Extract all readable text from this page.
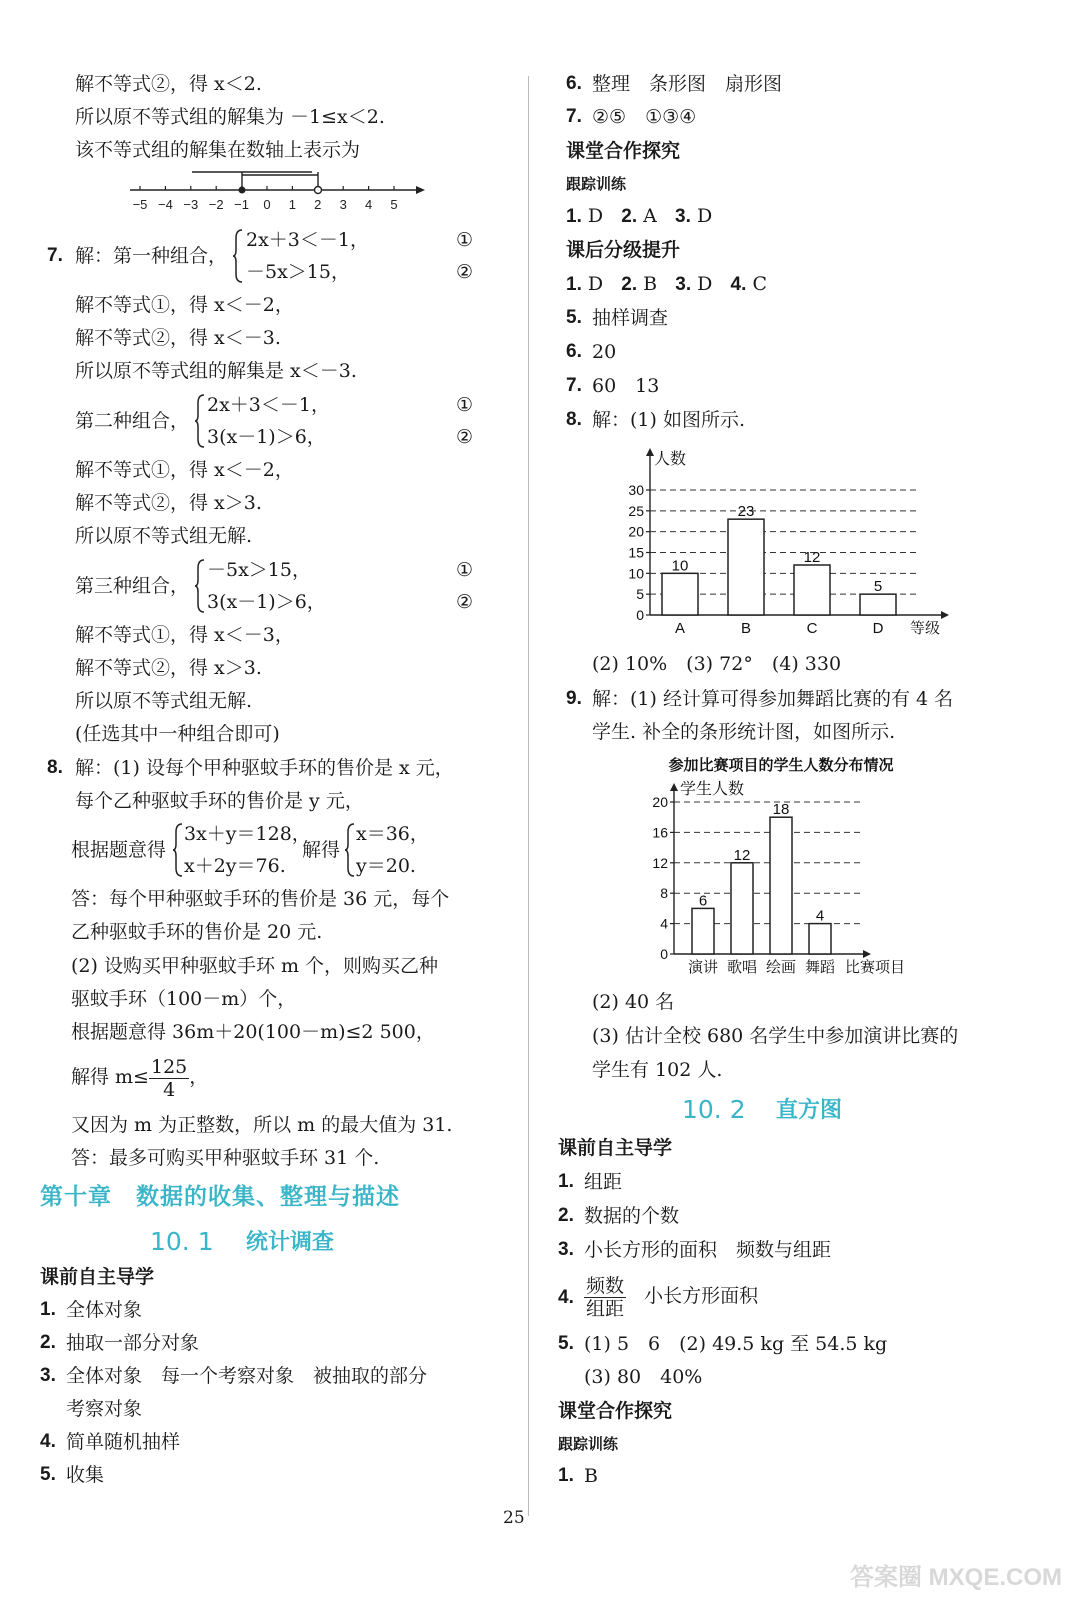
解不等式②，得 x＜2.
所以原不等式组的解集为 －1≤x＜2.
该不等式组的解集在数轴上表示为
−5 −4 −3 −2 −1 0 1 2 3 4 5
7. 解：第一种组合，
2x＋3＜－1，
－5x＞15，
①
②
解不等式①，得 x＜－2，
解不等式②，得 x＜－3.
所以原不等式组的解集是 x＜－3.
第二种组合，
2x＋3＜－1，
3(x－1)＞6，
①
②
解不等式①，得 x＜－2，
解不等式②，得 x＞3.
所以原不等式组无解.
第三种组合，
－5x＞15，
3(x－1)＞6，
①
②
解不等式①，得 x＜－3，
解不等式②，得 x＞3.
所以原不等式组无解.
(任选其中一种组合即可)
8. 解：(1) 设每个甲种驱蚊手环的售价是 x 元，
每个乙种驱蚊手环的售价是 y 元，
根据题意得
3x＋y＝128，
x＋2y＝76.
解得
x＝36，
y＝20.
答：每个甲种驱蚊手环的售价是 36 元，每个
乙种驱蚊手环的售价是 20 元.
(2) 设购买甲种驱蚊手环 m 个，则购买乙种
驱蚊手环（100－m）个，
根据题意得 36m＋20(100－m)≤2 500，
解得 $m\le \frac{125}{4}$ ，
又因为 m 为正整数，所以 m 的最大值为 31.
答：最多可购买甲种驱蚊手环 31 个.
第十章　数据的收集、整理与描述
10. 1 统计调查
课前自主导学
1. 全体对象
2. 抽取一部分对象
3. 全体对象　每一个考察对象　被抽取的部分
考察对象
4. 简单随机抽样
5. 收集
6. 整理　条形图　扇形图
7. ②⑤　①③④
课堂合作探究
跟踪训练
1. D 2. A 3. D
课后分级提升
1. D 2. B 3. D 4. C
5. 抽样调查
6. 20
7. 60　13
8. 解：(1) 如图所示.
0
5
10
15
20
25
30
人数
等级
10
A
23
B
12
C
5
D
(2) 10%　(3) 72°　(4) 330
9. 解：(1) 经计算可得参加舞蹈比赛的有 4 名
学生. 补全的条形统计图，如图所示.
参加比赛项目的学生人数分布情况
0
4
8
12
16
20
学生人数
比赛项目
6
演讲
12
歌唱
18
绘画
4
舞蹈
(2) 40 名
(3) 估计全校 680 名学生中参加演讲比赛的
学生有 102 人.
10. 2 直方图
课前自主导学
1. 组距
2. 数据的个数
3. 小长方形的面积　频数与组距
4. $\frac{\text{频数}}{\text{组距}}$ 小长方形面积
5. (1) 5　6　(2) 49.5 kg 至 54.5 kg
(3) 80　40%
课堂合作探究
跟踪训练
1. B
25
答案圈 MXQE.COM
